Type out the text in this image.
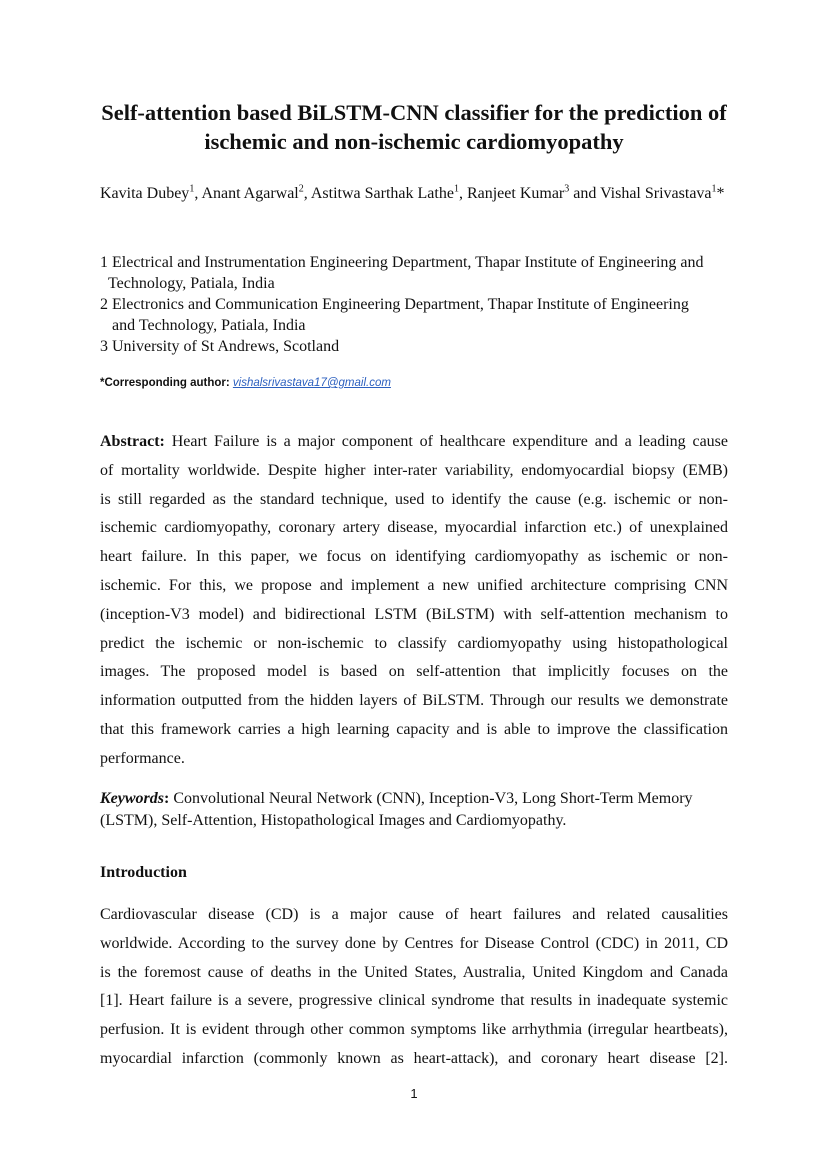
Self-attention based BiLSTM-CNN classifier for the prediction of
ischemic and non-ischemic cardiomyopathy

Kavita Dubey$^1$, Anant Agarwal$^2$, Astitwa Sarthak Lathe$^1$, Ranjeet Kumar$^3$ and Vishal Srivastava$^1$*

1 Electrical and Instrumentation Engineering Department, Thapar Institute of Engineering and
Technology, Patiala, India
2 Electronics and Communication Engineering Department, Thapar Institute of Engineering
and Technology, Patiala, India
3 University of St Andrews, Scotland
*Corresponding author: vishalsrivastava17@gmail.com
Abstract: Heart Failure is a major component of healthcare expenditure and a leading cause
of mortality worldwide. Despite higher inter-rater variability, endomyocardial biopsy (EMB)
is still regarded as the standard technique, used to identify the cause (e.g. ischemic or non-
ischemic cardiomyopathy, coronary artery disease, myocardial infarction etc.) of unexplained
heart failure. In this paper, we focus on identifying cardiomyopathy as ischemic or non-
ischemic. For this, we propose and implement a new unified architecture comprising CNN
(inception-V3 model) and bidirectional LSTM (BiLSTM) with self-attention mechanism to
predict the ischemic or non-ischemic to classify cardiomyopathy using histopathological
images. The proposed model is based on self-attention that implicitly focuses on the
information outputted from the hidden layers of BiLSTM. Through our results we demonstrate
that this framework carries a high learning capacity and is able to improve the classification
performance.
Keywords: Convolutional Neural Network (CNN), Inception-V3, Long Short-Term Memory
(LSTM), Self-Attention, Histopathological Images and Cardiomyopathy.
Introduction
Cardiovascular disease (CD) is a major cause of heart failures and related causalities
worldwide. According to the survey done by Centres for Disease Control (CDC) in 2011, CD
is the foremost cause of deaths in the United States, Australia, United Kingdom and Canada
[1]. Heart failure is a severe, progressive clinical syndrome that results in inadequate systemic
perfusion. It is evident through other common symptoms like arrhythmia (irregular heartbeats),
myocardial infarction (commonly known as heart-attack), and coronary heart disease [2].
1
